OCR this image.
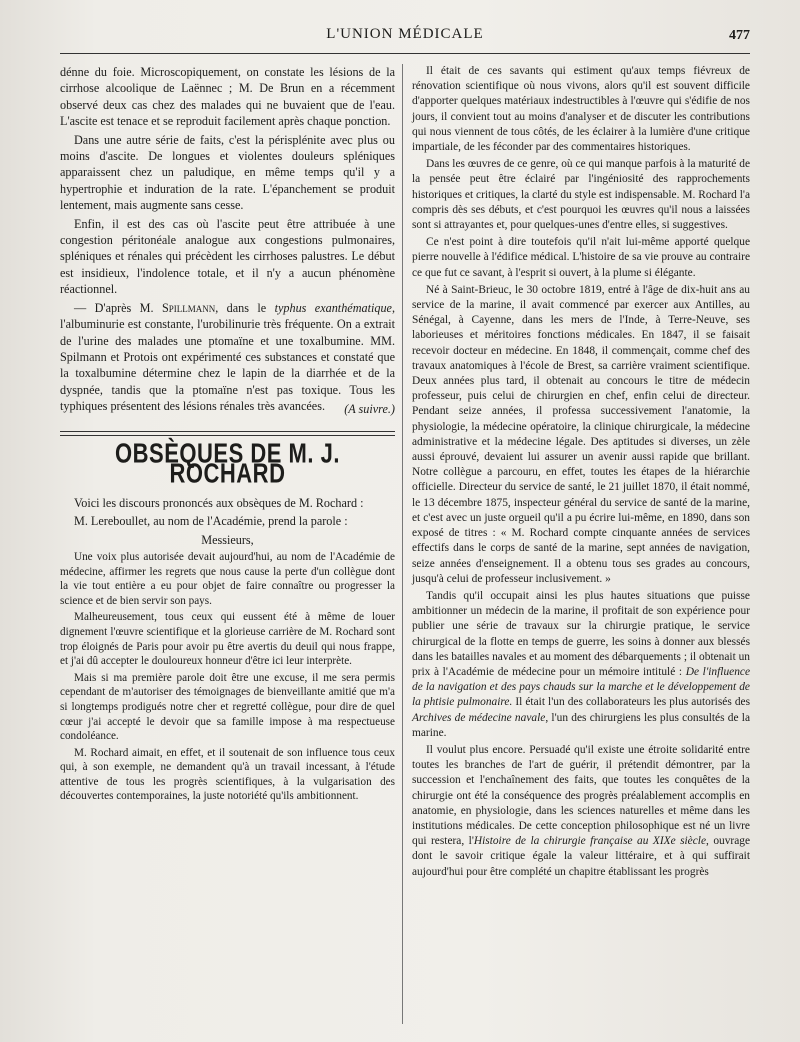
L'UNION MÉDICALE	477

dénne du foie. Microscopiquement, on constate les lésions de la cirrhose alcoolique de Laënnec ; M. De Brun en a récemment observé deux cas chez des malades qui ne buvaient que de l'eau. L'ascite est tenace et se reproduit facilement après chaque ponction.

Dans une autre série de faits, c'est la périsplénite avec plus ou moins d'ascite. De longues et violentes douleurs spléniques apparaissent chez un paludique, en même temps qu'il y a hypertrophie et induration de la rate. L'épanchement se produit lentement, mais augmente sans cesse.

Enfin, il est des cas où l'ascite peut être attribuée à une congestion péritonéale analogue aux congestions pulmonaires, spléniques et rénales qui précèdent les cirrhoses palustres. Le début est insidieux, l'indolence totale, et il n'y a aucun phénomène réactionnel.

— D'après M. Spillmann, dans le typhus exanthématique, l'albuminurie est constante, l'urobilinurie très fréquente. On a extrait de l'urine des malades une ptomaïne et une toxalbumine. MM. Spilmann et Protois ont expérimenté ces substances et constaté que la toxalbumine détermine chez le lapin de la diarrhée et de la dyspnée, tandis que la ptomaïne n'est pas toxique. Tous les typhiques présentent des lésions rénales très avancées.	(A suivre.)
OBSÈQUES DE M. J. ROCHARD

Voici les discours prononcés aux obsèques de M. Rochard :

M. Lereboullet, au nom de l'Académie, prend la parole :

Messieurs,

Une voix plus autorisée devait aujourd'hui, au nom de l'Académie de médecine, affirmer les regrets que nous cause la perte d'un collègue dont la vie tout entière a eu pour objet de faire connaître ou progresser la science et de bien servir son pays.

Malheureusement, tous ceux qui eussent été à même de louer dignement l'œuvre scientifique et la glorieuse carrière de M. Rochard sont trop éloignés de Paris pour avoir pu être avertis du deuil qui nous frappe, et j'ai dû accepter le douloureux honneur d'être ici leur interprète.

Mais si ma première parole doit être une excuse, il me sera permis cependant de m'autoriser des témoignages de bienveillante amitié que m'a si longtemps prodigués notre cher et regretté collègue, pour dire de quel cœur j'ai accepté le devoir que sa famille impose à ma respectueuse condoléance.

M. Rochard aimait, en effet, et il soutenait de son influence tous ceux qui, à son exemple, ne demandent qu'à un travail incessant, à l'étude attentive de tous les progrès scientifiques, à la vulgarisation des découvertes contemporaines, la juste notoriété qu'ils ambitionnent.

Il était de ces savants qui estiment qu'aux temps fiévreux de rénovation scientifique où nous vivons, alors qu'il est souvent difficile d'apporter quelques matériaux indestructibles à l'œuvre qui s'édifie de nos jours, il convient tout au moins d'analyser et de discuter les contributions qui nous viennent de tous côtés, de les éclairer à la lumière d'une critique impartiale, de les féconder par des commentaires historiques.

Dans les œuvres de ce genre, où ce qui manque parfois à la maturité de la pensée peut être éclairé par l'ingéniosité des rapprochements historiques et critiques, la clarté du style est indispensable. M. Rochard l'a compris dès ses débuts, et c'est pourquoi les œuvres qu'il nous a laissées sont si attrayantes et, pour quelques-unes d'entre elles, si suggestives.

Ce n'est point à dire toutefois qu'il n'ait lui-même apporté quelque pierre nouvelle à l'édifice médical. L'histoire de sa vie prouve au contraire ce que fut ce savant, à l'esprit si ouvert, à la plume si élégante.

Né à Saint-Brieuc, le 30 octobre 1819, entré à l'âge de dix-huit ans au service de la marine, il avait commencé par exercer aux Antilles, au Sénégal, à Cayenne, dans les mers de l'Inde, à Terre-Neuve, ses laborieuses et méritoires fonctions médicales. En 1847, il se faisait recevoir docteur en médecine. En 1848, il commençait, comme chef des travaux anatomiques à l'école de Brest, sa carrière vraiment scientifique. Deux années plus tard, il obtenait au concours le titre de médecin professeur, puis celui de chirurgien en chef, enfin celui de directeur. Pendant seize années, il professa successivement l'anatomie, la physiologie, la médecine opératoire, la clinique chirurgicale, la médecine administrative et la médecine légale. Des aptitudes si diverses, un zèle aussi éprouvé, devaient lui assurer un avenir aussi rapide que brillant. Notre collègue a parcouru, en effet, toutes les étapes de la hiérarchie officielle. Directeur du service de santé, le 21 juillet 1870, il était nommé, le 13 décembre 1875, inspecteur général du service de santé de la marine, et c'est avec un juste orgueil qu'il a pu écrire lui-même, en 1890, dans son exposé de titres : « M. Rochard compte cinquante années de services effectifs dans le corps de santé de la marine, sept années de navigation, seize années d'enseignement. Il a obtenu tous ses grades au concours, jusqu'à celui de professeur inclusivement. »

Tandis qu'il occupait ainsi les plus hautes situations que puisse ambitionner un médecin de la marine, il profitait de son expérience pour publier une série de travaux sur la chirurgie pratique, le service chirurgical de la flotte en temps de guerre, les soins à donner aux blessés dans les batailles navales et au moment des débarquements ; il obtenait un prix à l'Académie de médecine pour un mémoire intitulé : De l'influence de la navigation et des pays chauds sur la marche et le développement de la phtisie pulmonaire. Il était l'un des collaborateurs les plus autorisés des Archives de médecine navale, l'un des chirurgiens les plus consultés de la marine.

Il voulut plus encore. Persuadé qu'il existe une étroite solidarité entre toutes les branches de l'art de guérir, il prétendit démontrer, par la succession et l'enchaînement des faits, que toutes les conquêtes de la chirurgie ont été la conséquence des progrès préalablement accomplis en anatomie, en physiologie, dans les sciences naturelles et même dans les institutions médicales. De cette conception philosophique est né un livre qui restera, l'Histoire de la chirurgie française au XIXe siècle, ouvrage dont le savoir critique égale la valeur littéraire, et à qui suffirait aujourd'hui pour être complété un chapitre établissant les progrès
